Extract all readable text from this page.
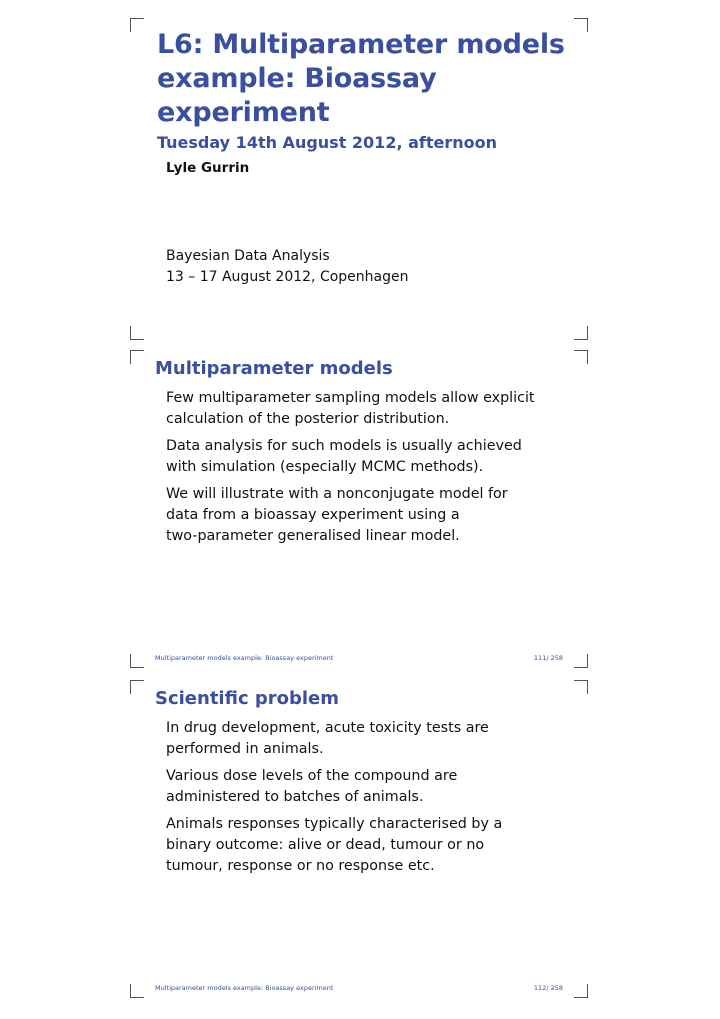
L6: Multiparameter models
example: Bioassay experiment

Tuesday 14th August 2012, afternoon

Lyle Gurrin
Bayesian Data Analysis
13 – 17 August 2012, Copenhagen
Multiparameter models

Few multiparameter sampling models allow explicit
calculation of the posterior distribution.

Data analysis for such models is usually achieved
with simulation (especially MCMC methods).

We will illustrate with a nonconjugate model for
data from a bioassay experiment using a
two-parameter generalised linear model.

Multiparameter models example: Bioassay experiment	111/ 258
Scientific problem

In drug development, acute toxicity tests are
performed in animals.

Various dose levels of the compound are
administered to batches of animals.

Animals responses typically characterised by a
binary outcome: alive or dead, tumour or no
tumour, response or no response etc.

Multiparameter models example: Bioassay experiment	112/ 258
